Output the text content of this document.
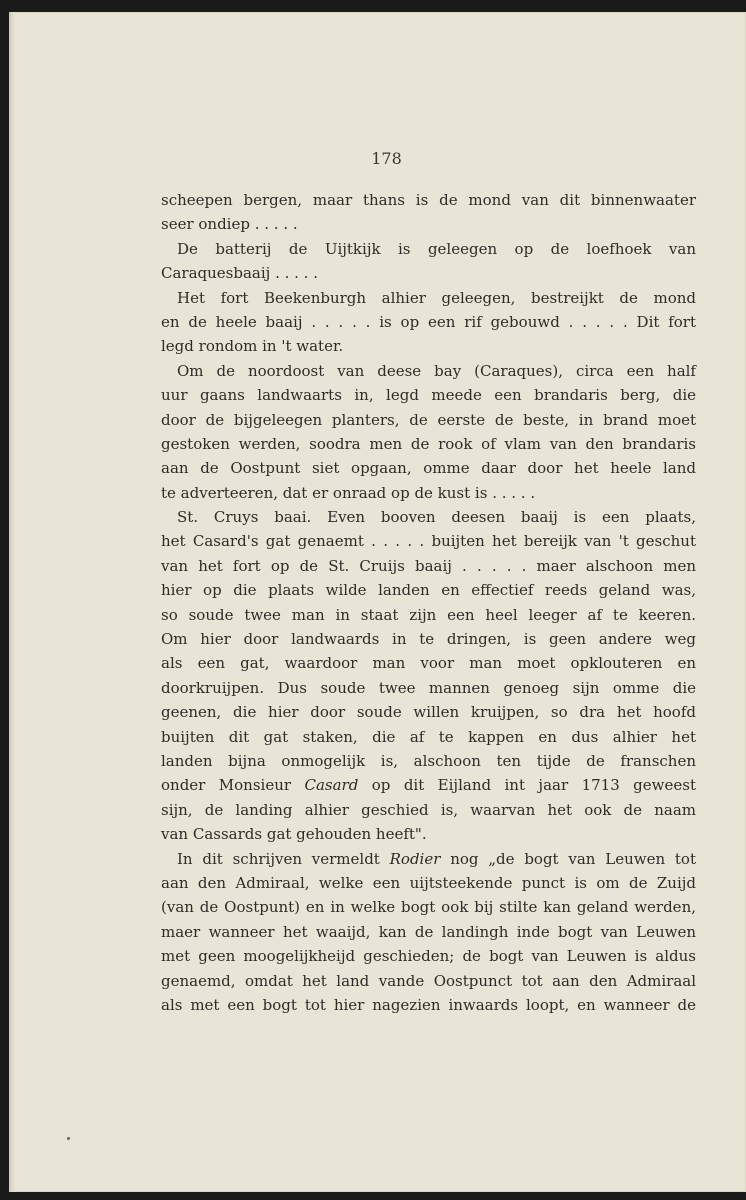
178
scheepen bergen, maar thans is de mond van dit binnenwaater
seer ondiep . . . . .
De batterij de Uijtkijk is geleegen op de loefhoek van
Caraquesbaaij . . . . .
Het fort Beekenburgh alhier geleegen, bestreijkt de mond
en de heele baaij . . . . . is op een rif gebouwd . . . . . Dit fort
legd rondom in 't water.
Om de noordoost van deese bay (Caraques), circa een half
uur gaans landwaarts in, legd meede een brandaris berg, die
door de bijgeleegen planters, de eerste de beste, in brand moet
gestoken werden, soodra men de rook of vlam van den brandaris
aan de Oostpunt siet opgaan, omme daar door het heele land
te adverteeren, dat er onraad op de kust is . . . . .
St. Cruys baai. Even booven deesen baaij is een plaats,
het Casard's gat genaemt . . . . . buijten het bereijk van 't geschut
van het fort op de St. Cruijs baaij . . . . . maer alschoon men
hier op die plaats wilde landen en effectief reeds geland was,
so soude twee man in staat zijn een heel leeger af te keeren.
Om hier door landwaards in te dringen, is geen andere weg
als een gat, waardoor man voor man moet opklouteren en
doorkruijpen. Dus soude twee mannen genoeg sijn omme die
geenen, die hier door soude willen kruijpen, so dra het hoofd
buijten dit gat staken, die af te kappen en dus alhier het
landen bijna onmogelijk is, alschoon ten tijde de franschen
onder Monsieur Casard op dit Eijland int jaar 1713 geweest
sijn, de landing alhier geschied is, waarvan het ook de naam
van Cassards gat gehouden heeft".
In dit schrijven vermeldt Rodier nog „de bogt van Leuwen tot
aan den Admiraal, welke een uijtsteekende punct is om de Zuijd
(van de Oostpunt) en in welke bogt ook bij stilte kan geland werden,
maer wanneer het waaijd, kan de landingh inde bogt van Leuwen
met geen moogelijkheijd geschieden; de bogt van Leuwen is aldus
genaemd, omdat het land vande Oostpunct tot aan den Admiraal
als met een bogt tot hier nagezien inwaards loopt, en wanneer de
